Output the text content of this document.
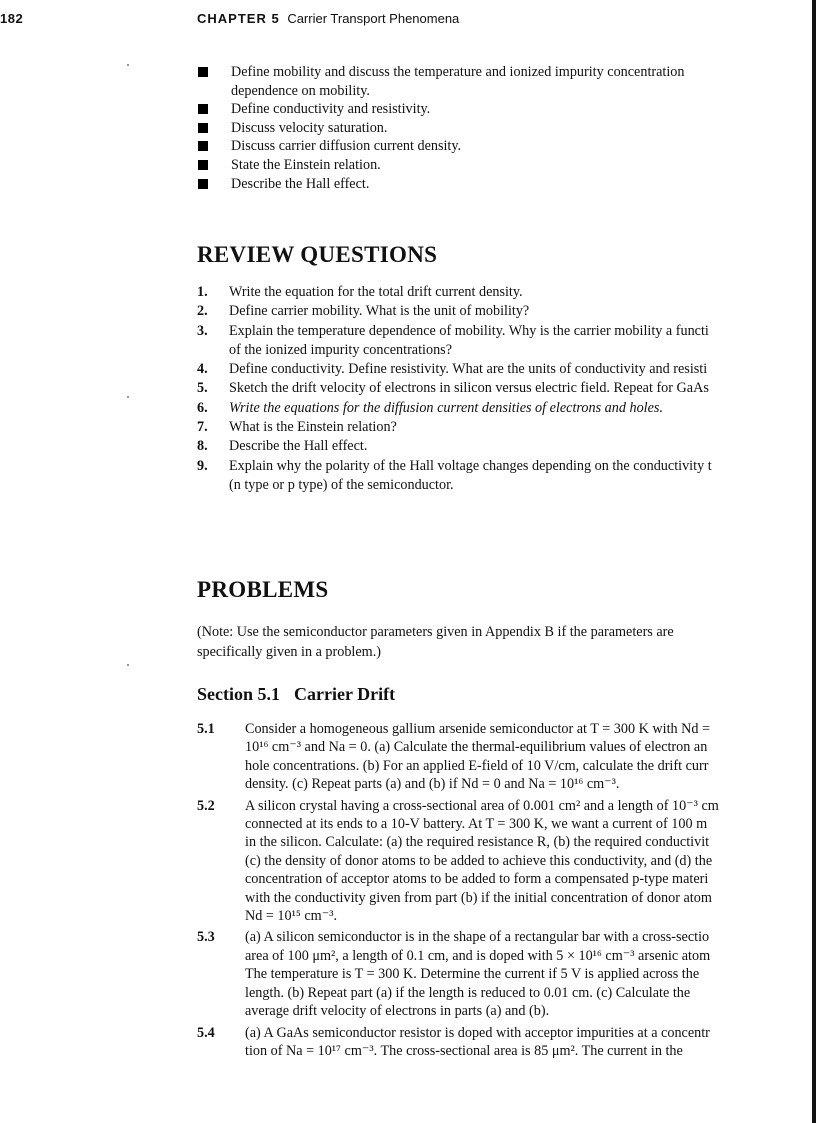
182	CHAPTER 5 Carrier Transport Phenomena
Define mobility and discuss the temperature and ionized impurity concentration
dependence on mobility.
Define conductivity and resistivity.
Discuss velocity saturation.
Discuss carrier diffusion current density.
State the Einstein relation.
Describe the Hall effect.
REVIEW QUESTIONS
1. Write the equation for the total drift current density.
2. Define carrier mobility. What is the unit of mobility?
3. Explain the temperature dependence of mobility. Why is the carrier mobility a functi
of the ionized impurity concentrations?
4. Define conductivity. Define resistivity. What are the units of conductivity and resisti
5. Sketch the drift velocity of electrons in silicon versus electric field. Repeat for GaAs
6. Write the equations for the diffusion current densities of electrons and holes.
7. What is the Einstein relation?
8. Describe the Hall effect.
9. Explain why the polarity of the Hall voltage changes depending on the conductivity t
(n type or p type) of the semiconductor.
PROBLEMS
(Note: Use the semiconductor parameters given in Appendix B if the parameters are
specifically given in a problem.)
Section 5.1 Carrier Drift
5.1 Consider a homogeneous gallium arsenide semiconductor at T = 300 K with Nd =
10¹⁶ cm⁻³ and Na = 0. (a) Calculate the thermal-equilibrium values of electron an
hole concentrations. (b) For an applied E-field of 10 V/cm, calculate the drift curr
density. (c) Repeat parts (a) and (b) if Nd = 0 and Na = 10¹⁶ cm⁻³.
5.2 A silicon crystal having a cross-sectional area of 0.001 cm² and a length of 10⁻³ cm
connected at its ends to a 10-V battery. At T = 300 K, we want a current of 100 m
in the silicon. Calculate: (a) the required resistance R, (b) the required conductivit
(c) the density of donor atoms to be added to achieve this conductivity, and (d) the
concentration of acceptor atoms to be added to form a compensated p-type materi
with the conductivity given from part (b) if the initial concentration of donor atom
Nd = 10¹⁵ cm⁻³.
5.3 (a) A silicon semiconductor is in the shape of a rectangular bar with a cross-sectio
area of 100 μm², a length of 0.1 cm, and is doped with 5 × 10¹⁶ cm⁻³ arsenic atom
The temperature is T = 300 K. Determine the current if 5 V is applied across the
length. (b) Repeat part (a) if the length is reduced to 0.01 cm. (c) Calculate the
average drift velocity of electrons in parts (a) and (b).
5.4 (a) A GaAs semiconductor resistor is doped with acceptor impurities at a concentr
tion of Na = 10¹⁷ cm⁻³. The cross-sectional area is 85 μm². The current in the
